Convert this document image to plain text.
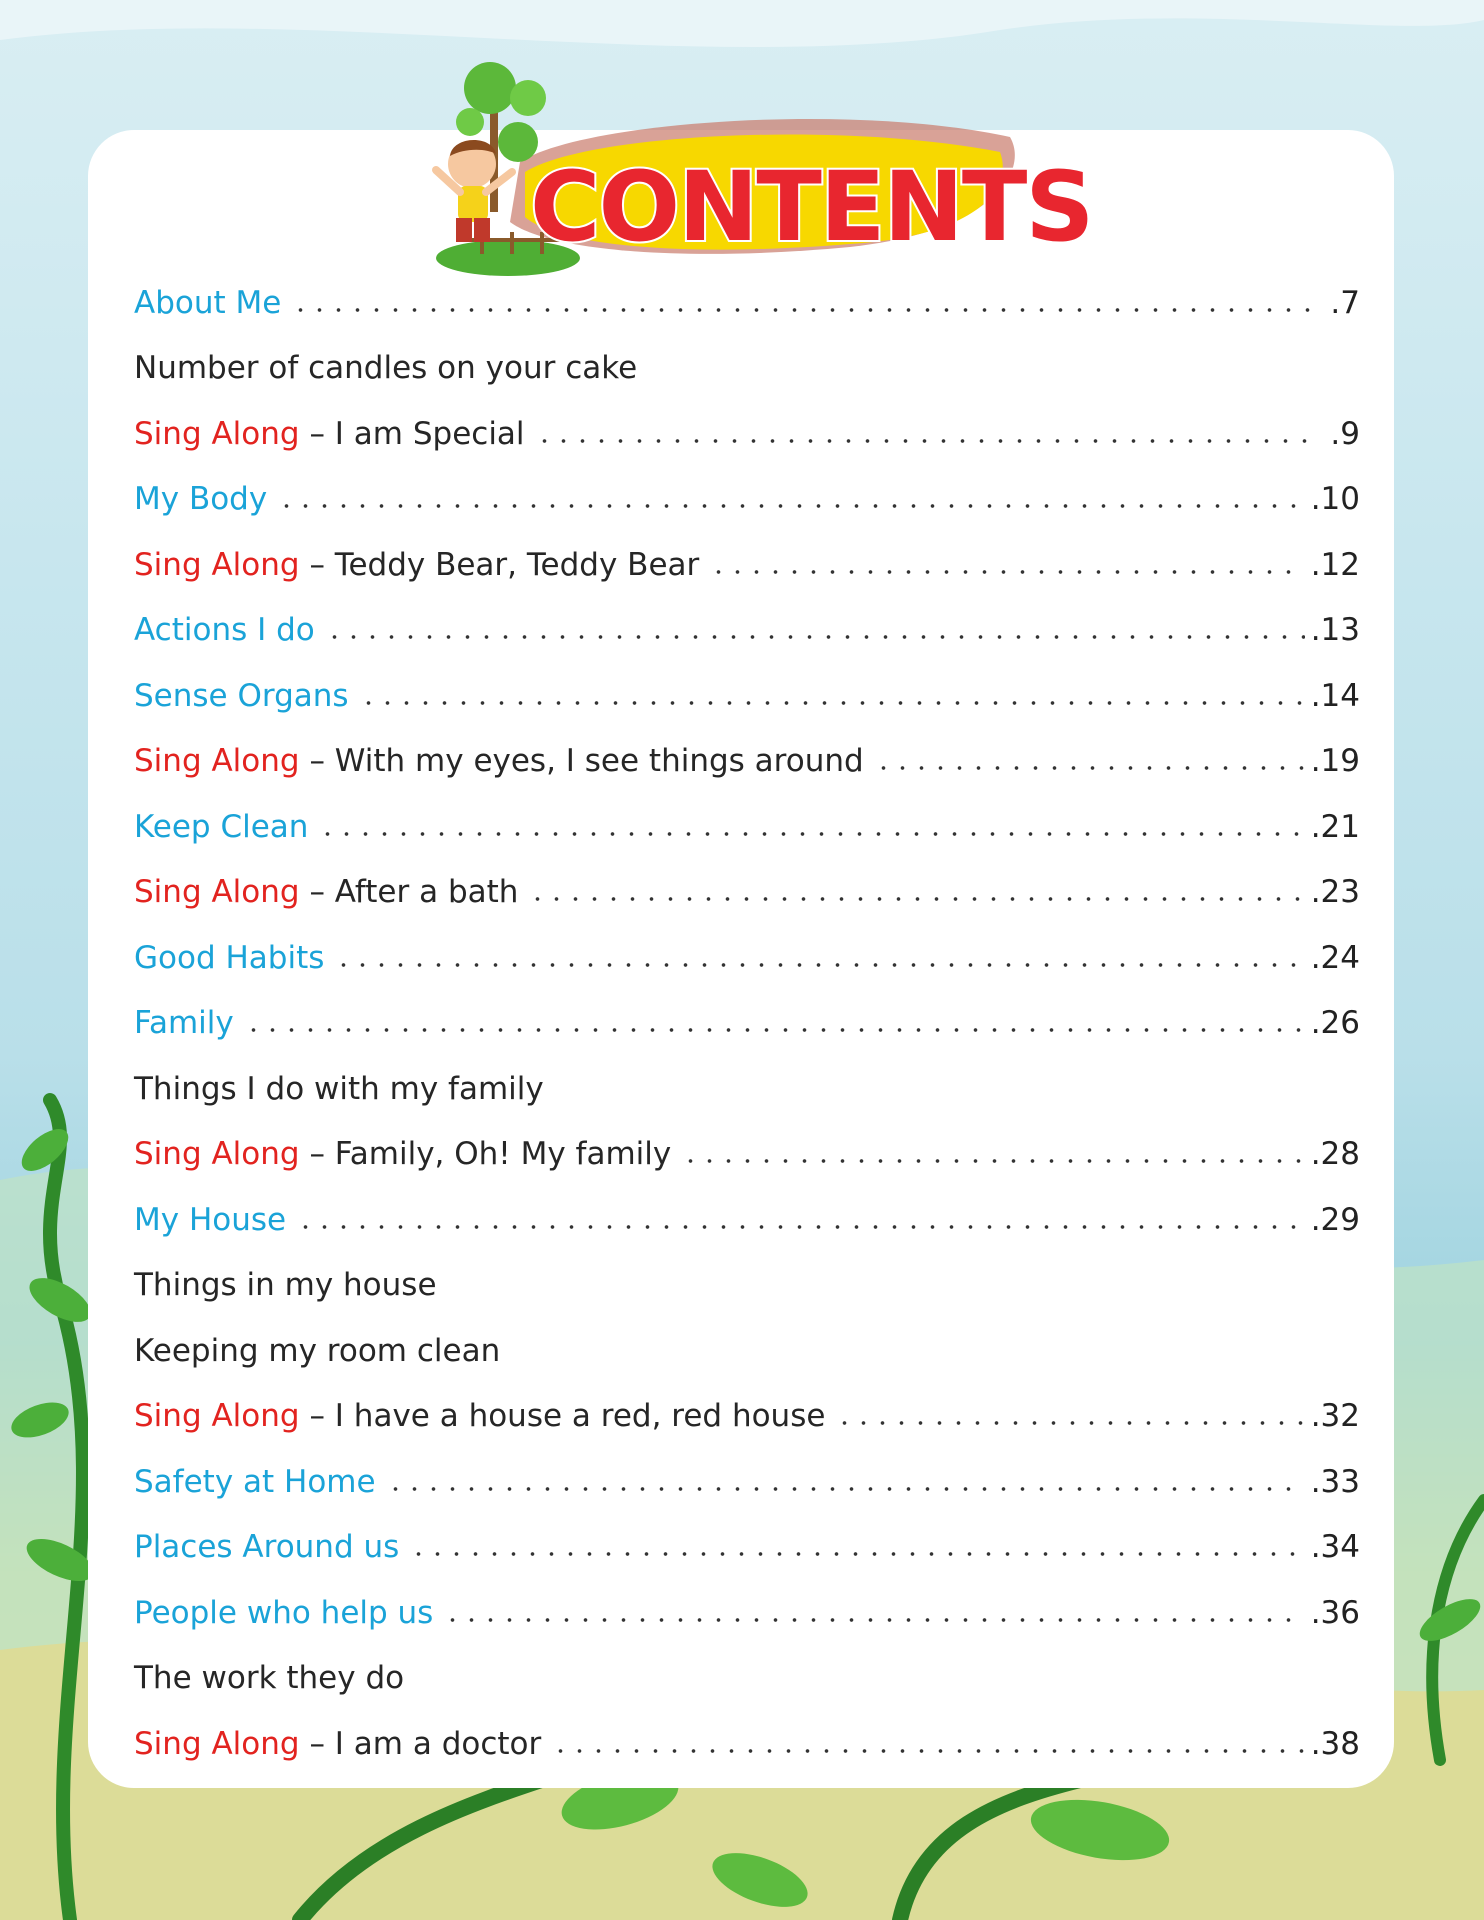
CONTENTS
About Me	.7
Number of candles on your cake
Sing Along – I am Special	.9
My Body	.10
Sing Along – Teddy Bear, Teddy Bear	.12
Actions I do	.13
Sense Organs	.14
Sing Along – With my eyes, I see things around	.19
Keep Clean	.21
Sing Along – After a bath	.23
Good Habits	.24
Family	.26
Things I do with my family
Sing Along – Family, Oh! My family	.28
My House	.29
Things in my house
Keeping my room clean
Sing Along – I have a house a red, red house	.32
Safety at Home	.33
Places Around us	.34
People who help us	.36
The work they do
Sing Along – I am a doctor	.38
